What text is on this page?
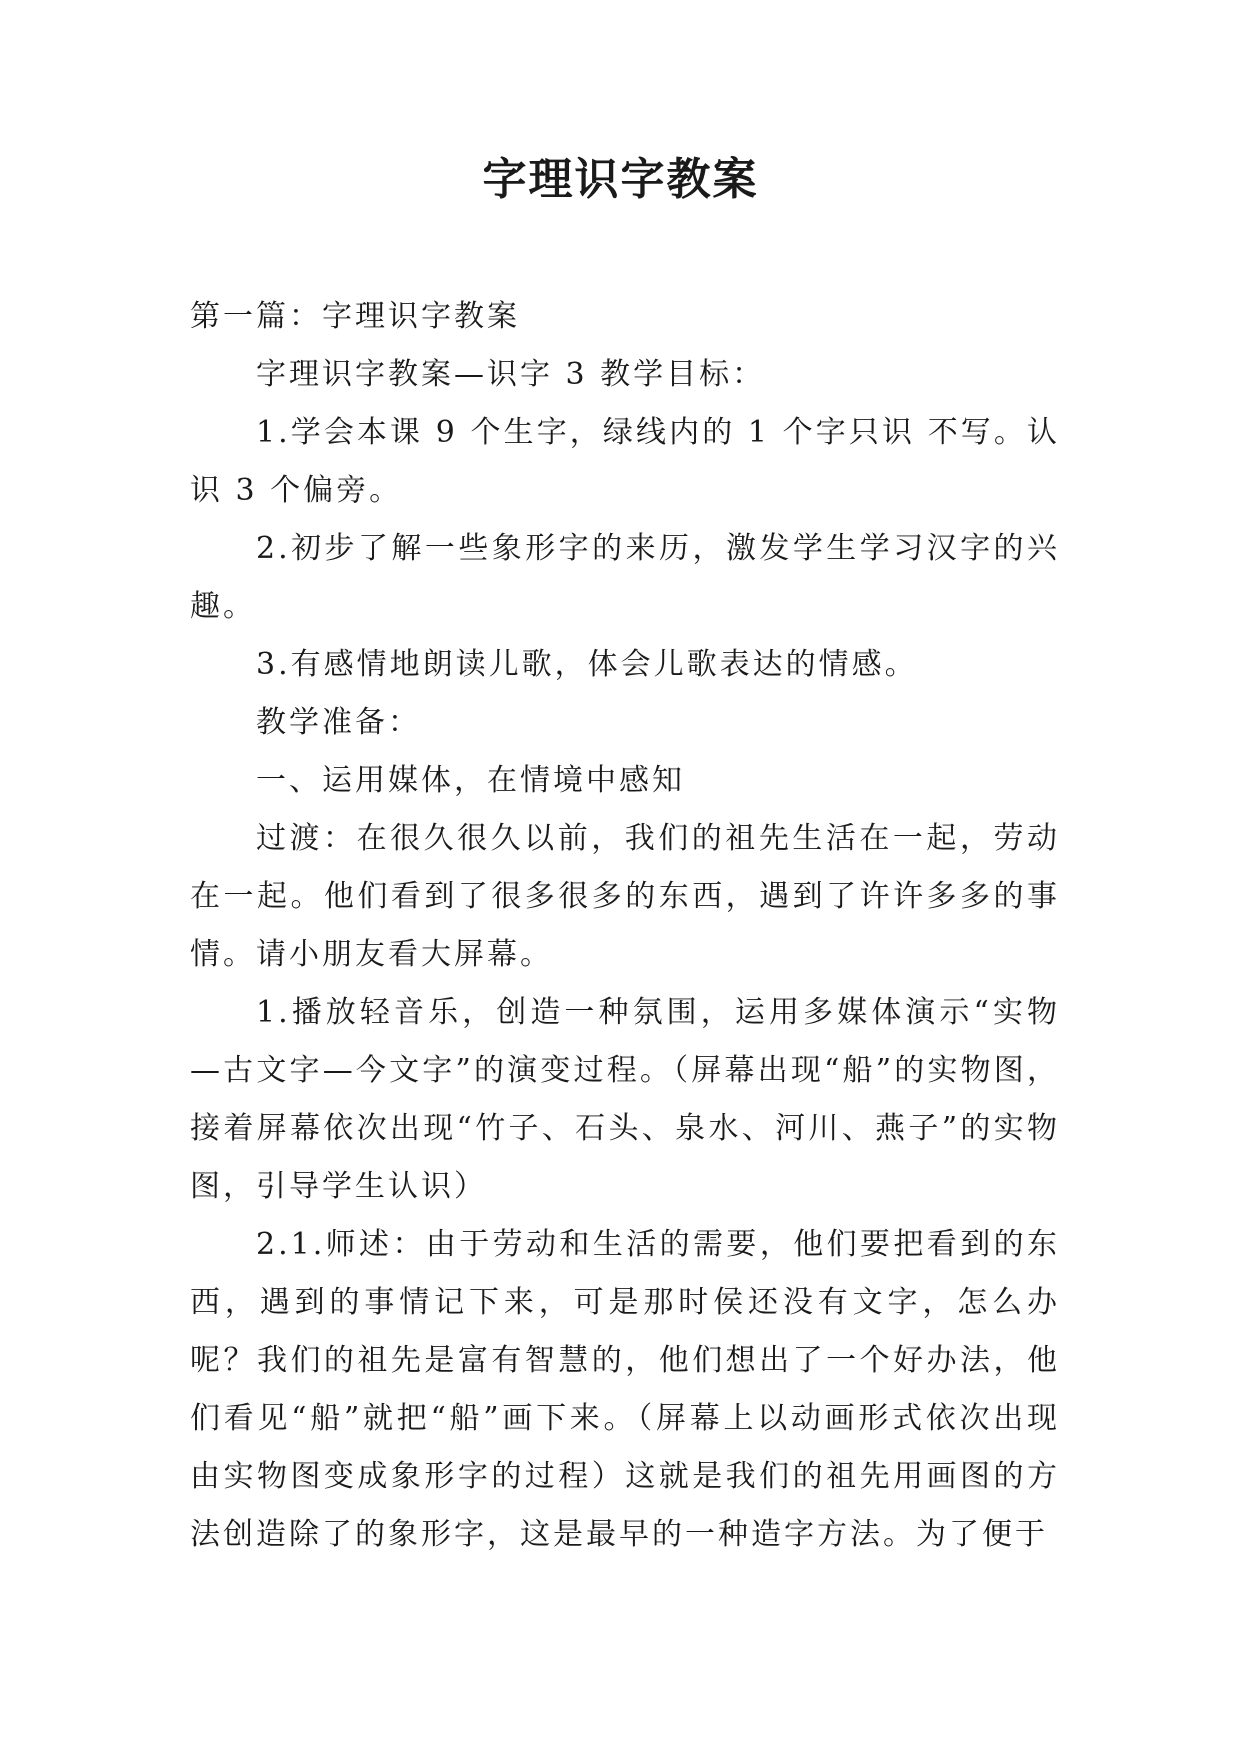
字理识字教案

第一篇：字理识字教案

字理识字教案—识字 3 教学目标：

1.学会本课 9 个生字，绿线内的 1 个字只识 不写。认识 3 个偏旁。

2.初步了解一些象形字的来历，激发学生学习汉字的兴趣。

3.有感情地朗读儿歌，体会儿歌表达的情感。

教学准备：

一、运用媒体，在情境中感知

过渡：在很久很久以前，我们的祖先生活在一起，劳动在一起。他们看到了很多很多的东西，遇到了许许多多的事情。请小朋友看大屏幕。

1.播放轻音乐，创造一种氛围，运用多媒体演示“实物—古文字—今文字”的演变过程。（屏幕出现“船”的实物图，接着屏幕依次出现“竹子、石头、泉水、河川、燕子”的实物图，引导学生认识）

2.1.师述：由于劳动和生活的需要，他们要把看到的东西，遇到的事情记下来，可是那时侯还没有文字，怎么办呢？我们的祖先是富有智慧的，他们想出了一个好办法，他们看见“船”就把“船”画下来。（屏幕上以动画形式依次出现由实物图变成象形字的过程）这就是我们的祖先用画图的方法创造除了的象形字，这是最早的一种造字方法。为了便于
